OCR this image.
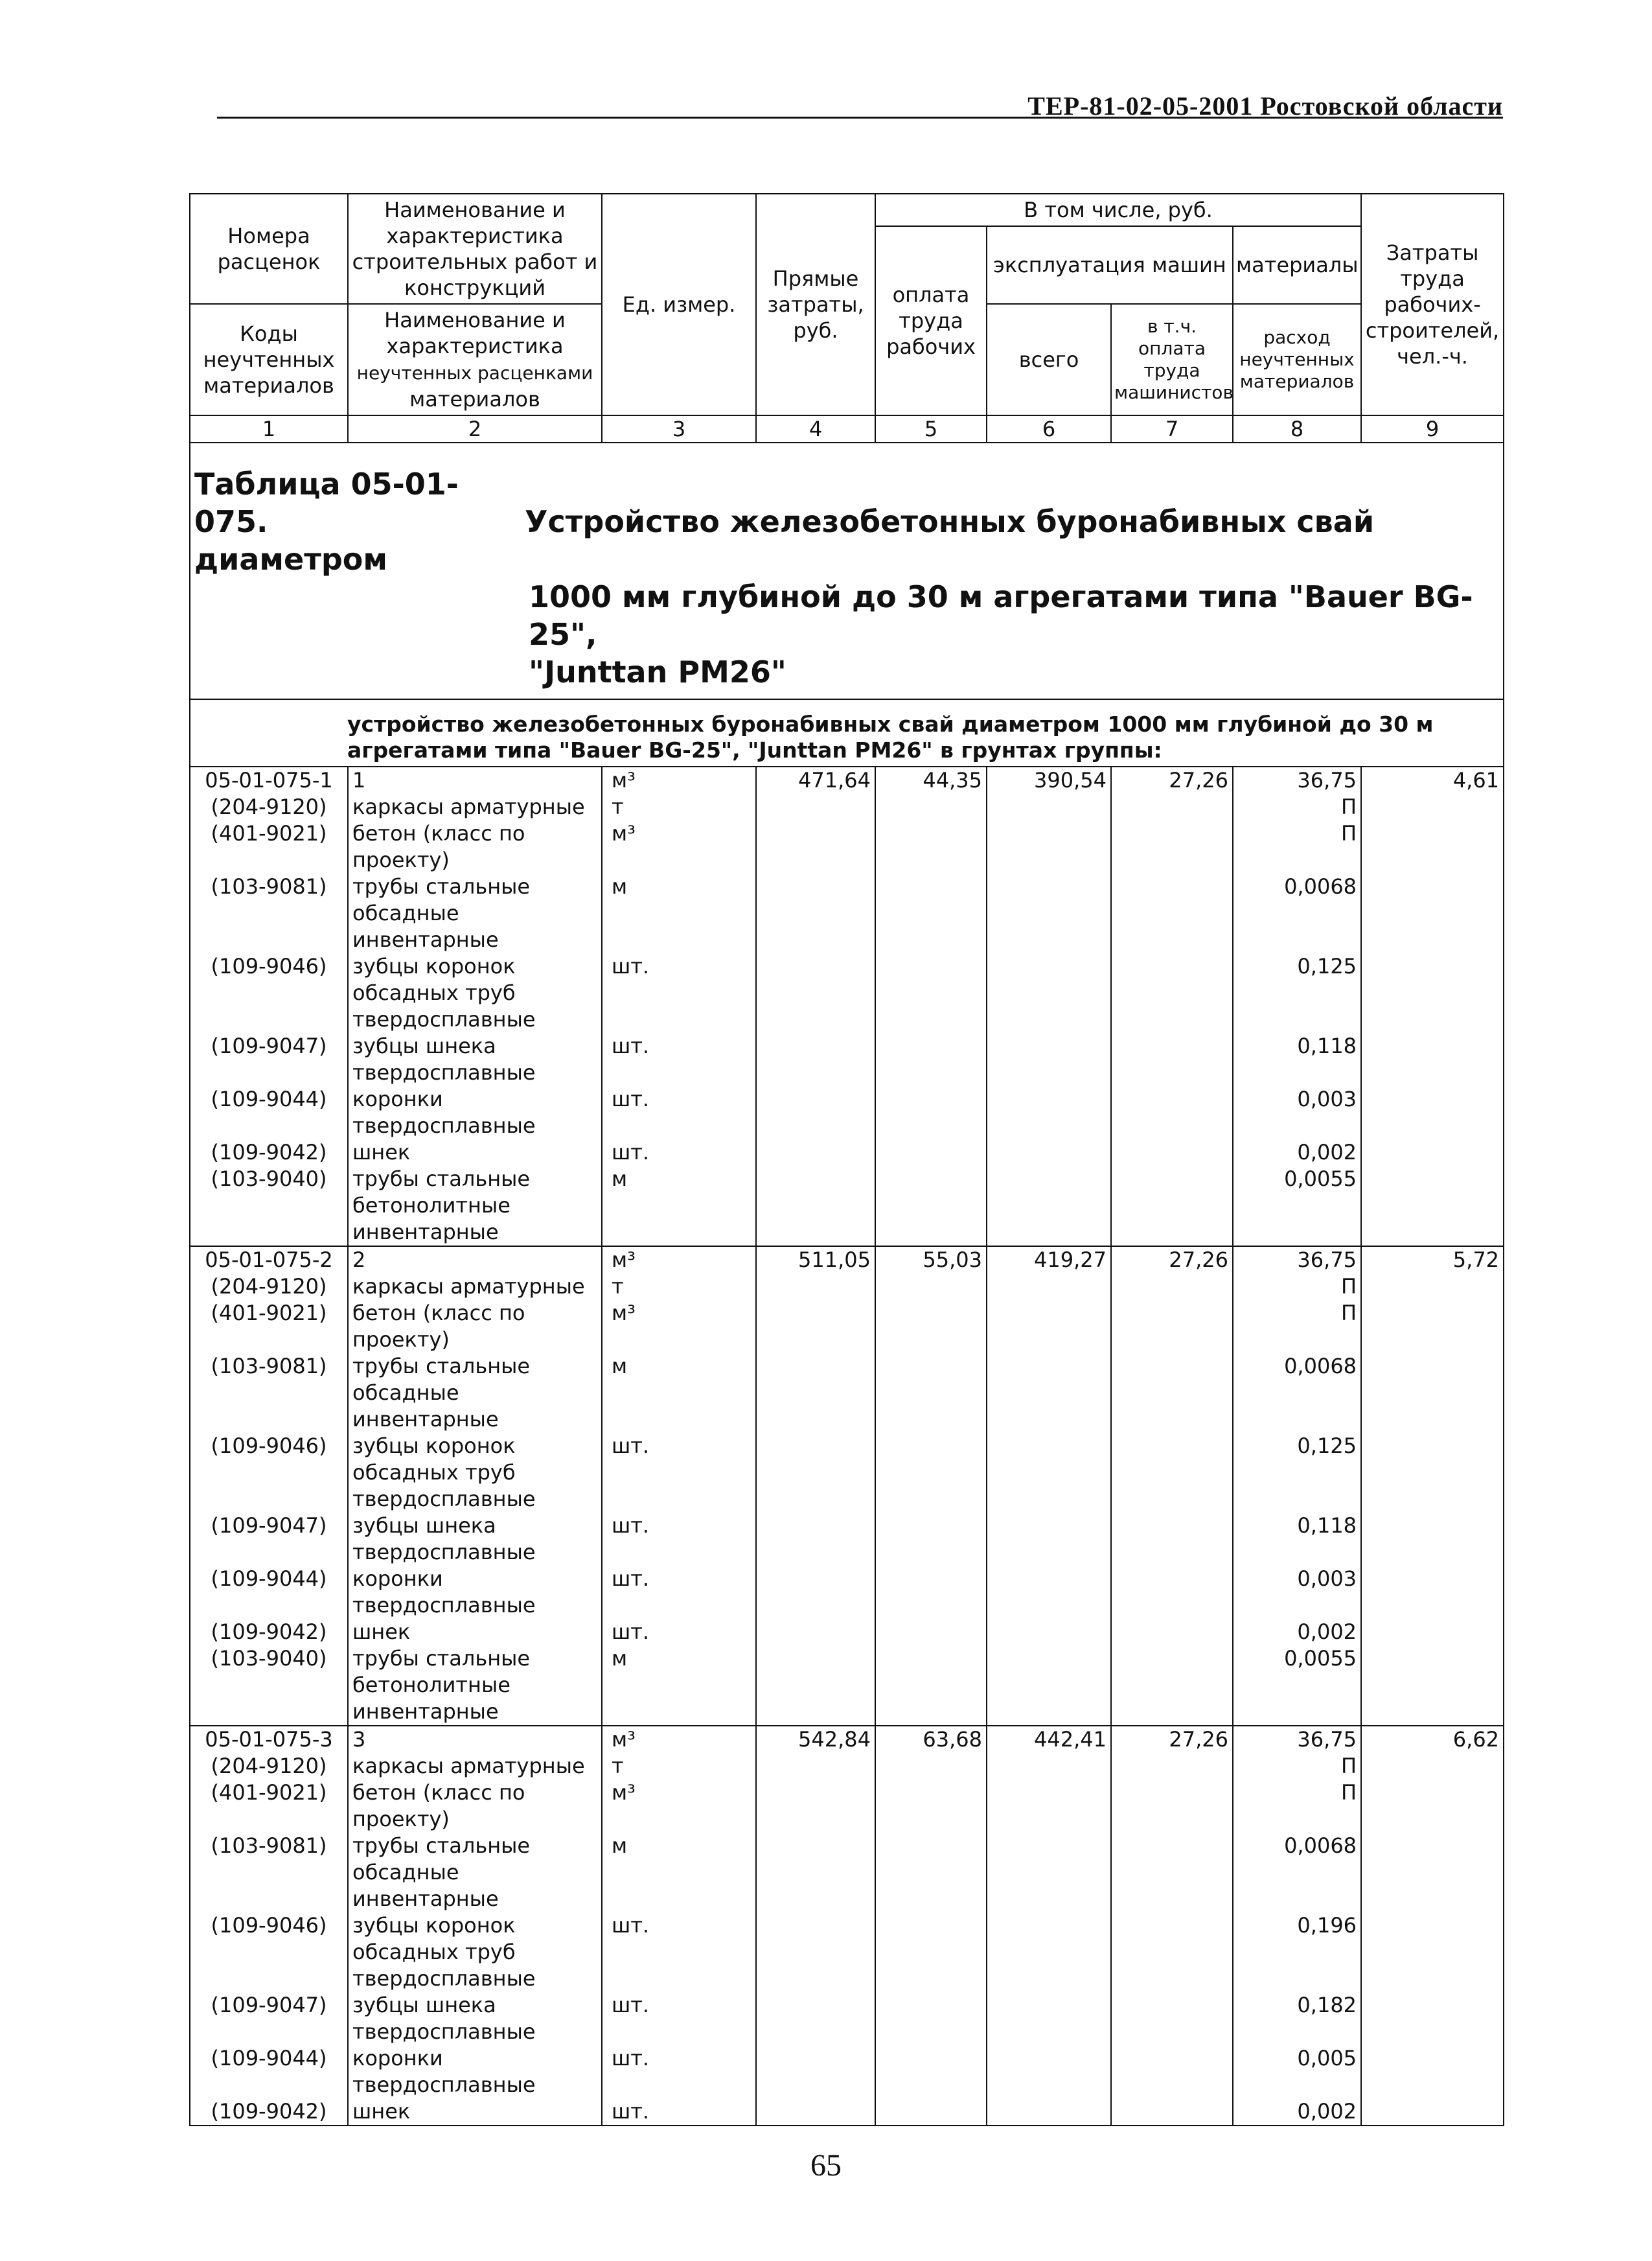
ТЕР-81-02-05-2001 Ростовской области
Номера расценок	Наименование и характеристика строительных работ и конструкций	Ед. измер.	Прямые затраты, руб.	В том числе, руб.				Затраты труда рабочих-строителей, чел.-ч.
				оплата труда рабочих	эксплуатация машин		материалы	
Коды неучтенных материалов	Наименование и характеристика
неучтенных расценками
материалов				всего	в т.ч. оплата труда машинистов	расход неучтенных материалов	

1	2	3	4	5	6	7	8	9

Таблица 05-01-075. Устройство железобетонных буронабивных свай диаметром
1000 мм глубиной до 30 м агрегатами типа "Bauer BG-25",
"Junttan PM26"								

устройство железобетонных буронабивных свай диаметром 1000 мм глубиной до 30 м агрегатами типа "Bauer BG-25", "Junttan PM26" в грунтах группы:								

05-01-075-1	1	м³	471,64	44,35	390,54	27,26	36,75	4,61
(204-9120)	каркасы арматурные	т					П	
(401-9021)	бетон (класс по проекту)	м³					П	
(103-9081)	трубы стальные обсадные инвентарные	м					0,0068	
(109-9046)	зубцы коронок обсадных труб твердосплавные	шт.					0,125	
(109-9047)	зубцы шнека твердосплавные	шт.					0,118	
(109-9044)	коронки твердосплавные	шт.					0,003	
(109-9042)	шнек	шт.					0,002	
(103-9040)	трубы стальные бетонолитные инвентарные	м					0,0055	
05-01-075-2	2	м³	511,05	55,03	419,27	27,26	36,75	5,72
(204-9120)	каркасы арматурные	т					П	
(401-9021)	бетон (класс по проекту)	м³					П	
(103-9081)	трубы стальные обсадные инвентарные	м					0,0068	
(109-9046)	зубцы коронок обсадных труб твердосплавные	шт.					0,125	
(109-9047)	зубцы шнека твердосплавные	шт.					0,118	
(109-9044)	коронки твердосплавные	шт.					0,003	
(109-9042)	шнек	шт.					0,002	
(103-9040)	трубы стальные бетонолитные инвентарные	м					0,0055	
05-01-075-3	3	м³	542,84	63,68	442,41	27,26	36,75	6,62
(204-9120)	каркасы арматурные	т					П	
(401-9021)	бетон (класс по проекту)	м³					П	
(103-9081)	трубы стальные обсадные инвентарные	м					0,0068	
(109-9046)	зубцы коронок обсадных труб твердосплавные	шт.					0,196	
(109-9047)	зубцы шнека твердосплавные	шт.					0,182	
(109-9044)	коронки твердосплавные	шт.					0,005	
(109-9042)	шнек	шт.					0,002	
65
